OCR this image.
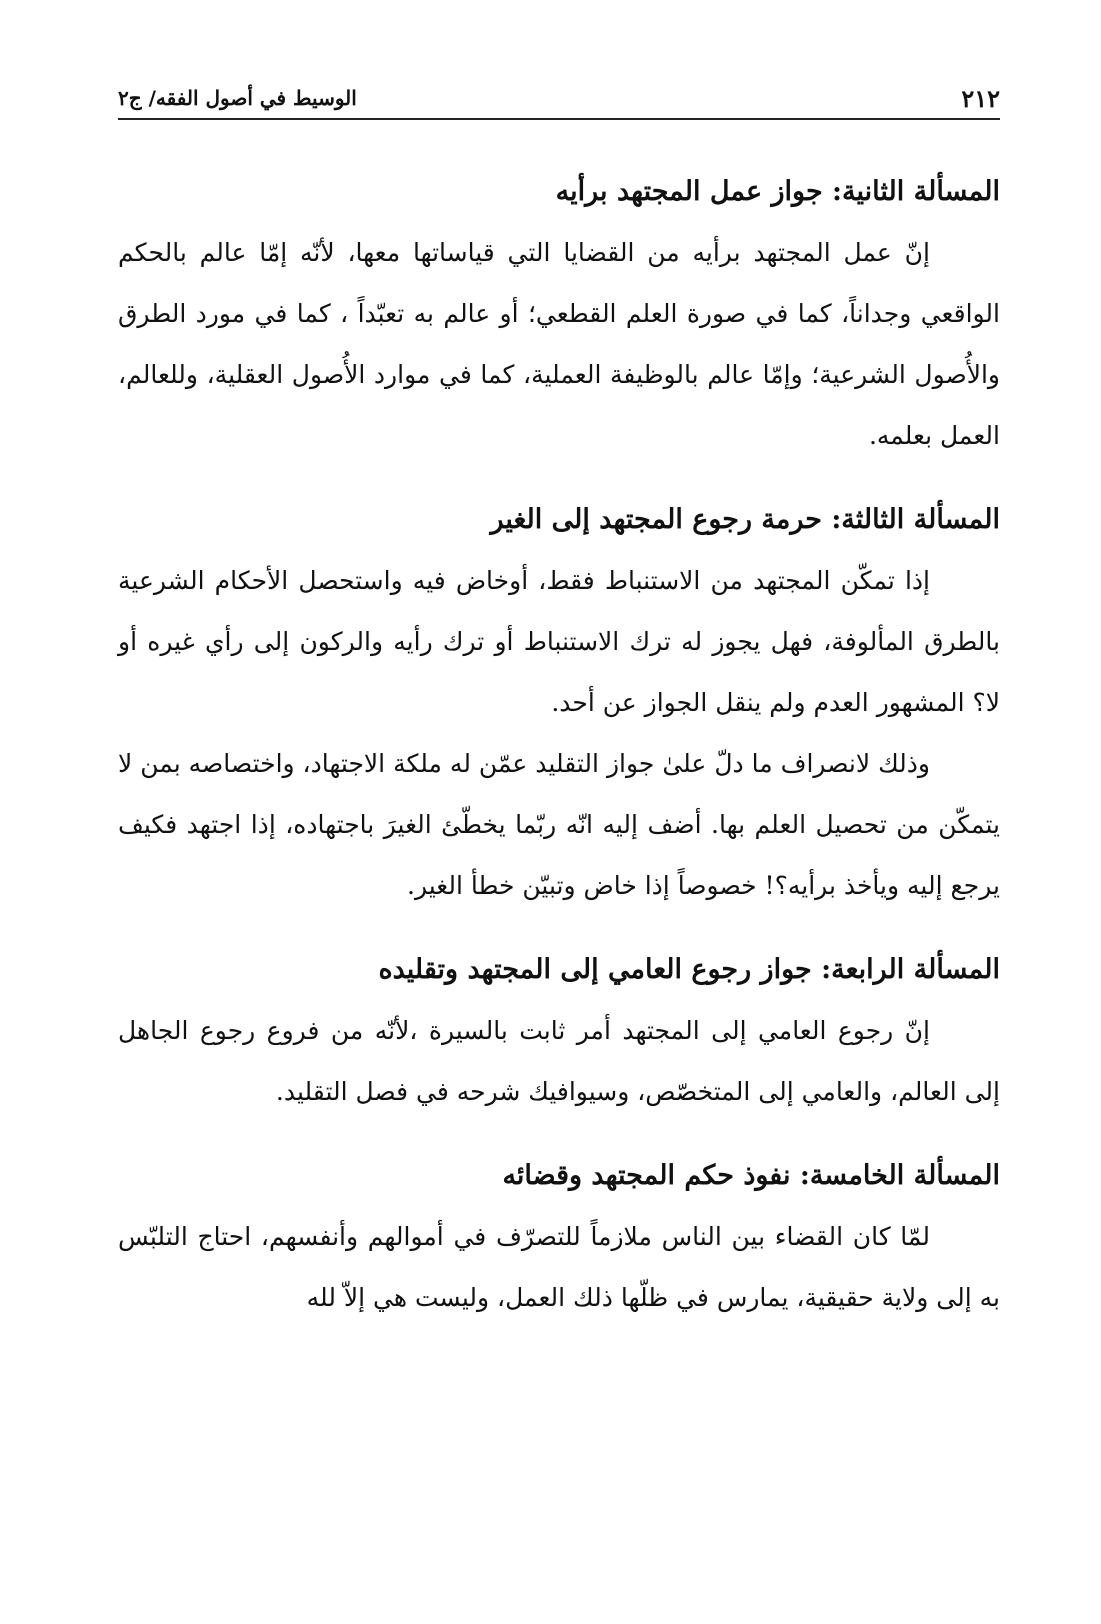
٢١٢
الوسيط في أصول الفقه/ ج٢
المسألة الثانية: جواز عمل المجتهد برأيه

إنّ عمل المجتهد برأيه من القضايا التي قياساتها معها، لأنّه إمّا عالم بالحكم الواقعي وجداناً، كما في صورة العلم القطعي؛ أو عالم به تعبّداً ، كما في مورد الطرق والأُصول الشرعية؛ وإمّا عالم بالوظيفة العملية، كما في موارد الأُصول العقلية، وللعالم، العمل بعلمه.

المسألة الثالثة: حرمة رجوع المجتهد إلى الغير

إذا تمكّن المجتهد من الاستنباط فقط، أوخاض فيه واستحصل الأحكام الشرعية بالطرق المألوفة، فهل يجوز له ترك الاستنباط أو ترك رأيه والركون إلى رأي غيره أو لا؟ المشهور العدم ولم ينقل الجواز عن أحد.

وذلك لانصراف ما دلّ علىٰ جواز التقليد عمّن له ملكة الاجتهاد، واختصاصه بمن لا يتمكّن من تحصيل العلم بها. أضف إليه انّه ربّما يخطّئ الغيرَ باجتهاده، إذا اجتهد فكيف يرجع إليه ويأخذ برأيه؟! خصوصاً إذا خاض وتبيّن خطأ الغير.

المسألة الرابعة: جواز رجوع العامي إلى المجتهد وتقليده

إنّ رجوع العامي إلى المجتهد أمر ثابت بالسيرة ،لأنّه من فروع رجوع الجاهل إلى العالم، والعامي إلى المتخصّص، وسيوافيك شرحه في فصل التقليد.

المسألة الخامسة: نفوذ حكم المجتهد وقضائه

لمّا كان القضاء بين الناس ملازماً للتصرّف في أموالهم وأنفسهم، احتاج التلبّس به إلى ولاية حقيقية، يمارس في ظلّها ذلك العمل، وليست هي إلاّ لله
